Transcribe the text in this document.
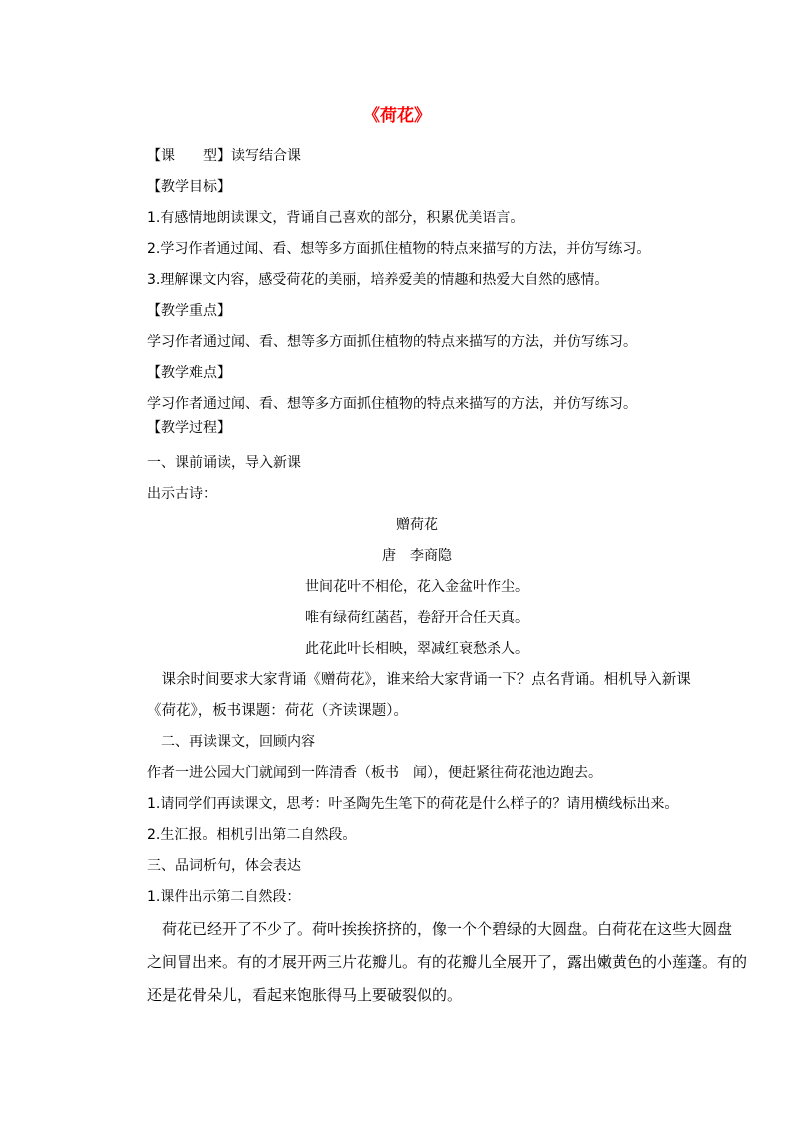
《荷花》
【课　　型】读写结合课
【教学目标】
1.有感情地朗读课文，背诵自己喜欢的部分，积累优美语言。
2.学习作者通过闻、看、想等多方面抓住植物的特点来描写的方法，并仿写练习。
3.理解课文内容，感受荷花的美丽，培养爱美的情趣和热爱大自然的感情。
【教学重点】
学习作者通过闻、看、想等多方面抓住植物的特点来描写的方法，并仿写练习。
【教学难点】
学习作者通过闻、看、想等多方面抓住植物的特点来描写的方法，并仿写练习。
【教学过程】
一、课前诵读，导入新课
出示古诗：
赠荷花
唐　李商隐
世间花叶不相伦，花入金盆叶作尘。
唯有绿荷红菡萏，卷舒开合任天真。
此花此叶长相映，翠减红衰愁杀人。
　课余时间要求大家背诵《赠荷花》，谁来给大家背诵一下？点名背诵。相机导入新课
《荷花》，板书课题：荷花（齐读课题）。
　二、再读课文，回顾内容
作者一进公园大门就闻到一阵清香（板书　闻），便赶紧往荷花池边跑去。
1.请同学们再读课文，思考：叶圣陶先生笔下的荷花是什么样子的？请用横线标出来。
2.生汇报。相机引出第二自然段。
三、品词析句，体会表达
1.课件出示第二自然段：
　荷花已经开了不少了。荷叶挨挨挤挤的，像一个个碧绿的大圆盘。白荷花在这些大圆盘
之间冒出来。有的才展开两三片花瓣儿。有的花瓣儿全展开了，露出嫩黄色的小莲蓬。有的
还是花骨朵儿，看起来饱胀得马上要破裂似的。
